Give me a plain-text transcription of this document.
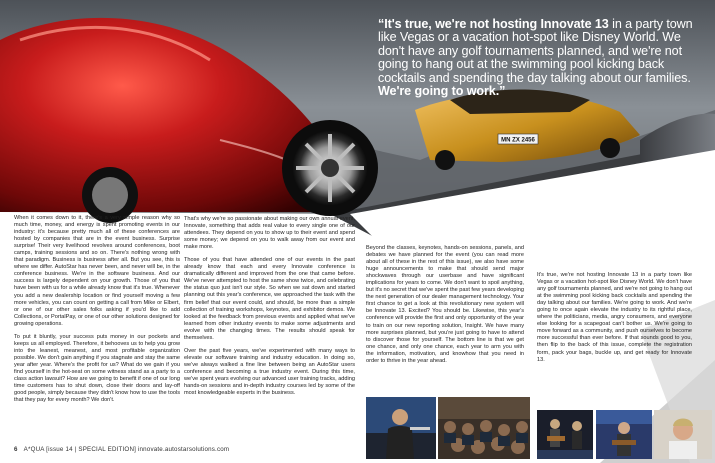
MN ZX 2456

“It's true, we're not hosting Innovate 13 in a party town like Vegas or a vacation hot-spot like Disney World. We don't have any golf tournaments planned, and we're not going to hang out at the swimming pool kicking back cocktails and spending the day talking about our families. We're going to work.”

When it comes down to it, there's a very simple reason why so much time, money, and energy is spent promoting events in our industry: it's because pretty much all of these conferences are hosted by companies that are in the event business. Surprise surprise! Their very livelihood revolves around conferences, boot camps, training sessions and so on. There's nothing wrong with that paradigm. Business is business after all. But you see, this is where we differ. AutoStar has never been, and never will be, in the conference business. We're in the software business. And our success is largely dependent on your growth. Those of you that have been with us for a while already know that it's true. Whenever you add a new dealership location or find yourself moving a few more vehicles, you can count on getting a call from Mike or Elbert, or one of our other sales folks asking if you'd like to add Collections, or PortalPay, or one of our other solutions designed for growing operations.

To put it bluntly, your success puts money in our pockets and keeps us all employed. Therefore, it behooves us to help you grow into the leanest, meanest, and most profitable organization possible. We don't gain anything if you stagnate and stay the same year after year. Where's the profit for us? What do we gain if you find yourself in the hot-seat on some witness stand as a party to a class action lawsuit? How are we going to benefit if one of our long time customers has to shut down, close their doors and lay-off good people, simply because they didn't know how to use the tools that they pay for every month? We don't.

That's why we're so passionate about making our own annual event, Innovate, something that adds real value to every single one of our attendees. They depend on you to show up to their event and spend some money; we depend on you to walk away from our event and make more.

Those of you that have attended one of our events in the past already know that each and every Innovate conference is dramatically different and improved from the one that came before. We've never attempted to host the same show twice, and celebrating the status quo just isn't our style. So when we sat down and started planning out this year's conference, we approached the task with the firm belief that our event could, and should, be more than a simple collection of training workshops, keynotes, and exhibitor demos. We looked at the feedback from previous events and applied what we've learned from other industry events to make some adjustments and evolve with the changing times. The results should speak for themselves.

Over the past five years, we've experimented with many ways to elevate our software training and industry education. In doing so, we've always walked a fine line between being an AutoStar users conference and becoming a true industry event. During this time, we've spent years evolving our advanced user training tracks, adding hands-on sessions and in-depth industry courses led by some of the most knowledgeable experts in the business.

Beyond the classes, keynotes, hands-on sessions, panels, and debates we have planned for the event (you can read more about all of these in the rest of this issue), we also have some huge announcements to make that should send major shockwaves through our userbase and have significant implications for years to come. We don't want to spoil anything, but it's no secret that we've spent the past few years developing the next generation of our dealer management technology. Your first chance to get a look at this revolutionary new system will be Innovate 13. Excited? You should be. Likewise, this year's conference will provide the first and only opportunity of the year to train on our new reporting solution, Insight. We have many more surprises planned, but you're just going to have to attend to discover those for yourself. The bottom line is that we get one chance, and only one chance, each year to arm you with the information, motivation, and knowhow that you need in order to thrive in the year ahead.

It's true, we're not hosting Innovate 13 in a party town like Vegas or a vacation hot-spot like Disney World. We don't have any golf tournaments planned, and we're not going to hang out at the swimming pool kicking back cocktails and spending the day talking about our families. We're going to work. And we're going to once again elevate the industry to its rightful place, where the politicians, media, angry consumers, and everyone else looking for a scapegoat can't bother us. We're going to move forward as a community, and push ourselves to become more successful than ever before. If that sounds good to you, then flip to the back of this issue, complete the registration form, pack your bags, buckle up, and get ready for Innovate 13.

6 A*QUA [issue 14 | SPECIAL EDITION] innovate.autostarsolutions.com
